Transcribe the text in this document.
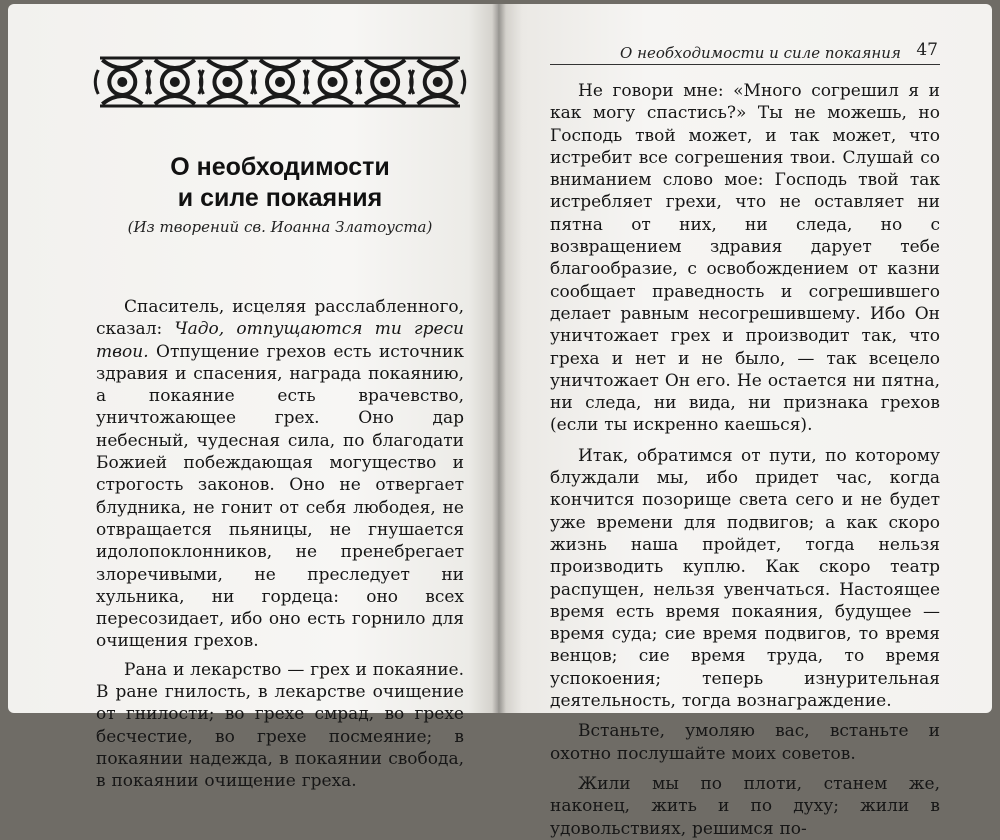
О необходимости
и силе покаяния
(Из творений св. Иоанна Златоуста)

Спаситель, исцеляя расслабленного, сказал: Чадо, отпущаются ти греси твои. Отпущение грехов есть источник здравия и спасения, награда покаянию, а покаяние есть врачевство, уничтожающее грех. Оно дар небесный, чудесная сила, по благодати Божией побеждающая могущество и строгость законов. Оно не отвергает блудника, не гонит от себя любодея, не отвращается пьяницы, не гнушается идолопоклонников, не пренебрегает злоречивыми, не преследует ни хульника, ни гордеца: оно всех пересозидает, ибо оно есть горнило для очищения грехов.

Рана и лекарство — грех и покаяние. В ране гнилость, в лекарстве очищение от гнилости; во грехе смрад, во грехе бесчестие, во грехе посмеяние; в покаянии надежда, в покаянии свобода, в покаянии очищение греха.

О необходимости и силе покаяния 47

Не говори мне: «Много согрешил я и как могу спастись?» Ты не можешь, но Господь твой может, и так может, что истребит все согрешения твои. Слушай со вниманием слово мое: Господь твой так истребляет грехи, что не оставляет ни пятна от них, ни следа, но с возвращением здравия дарует тебе благообразие, с освобождением от казни сообщает праведность и согрешившего делает равным несогрешившему. Ибо Он уничтожает грех и производит так, что греха и нет и не было, — так всецело уничтожает Он его. Не остается ни пятна, ни следа, ни вида, ни признака грехов (если ты искренно каешься).

Итак, обратимся от пути, по которому блуждали мы, ибо придет час, когда кончится позорище света сего и не будет уже времени для подвигов; а как скоро жизнь наша пройдет, тогда нельзя производить куплю. Как скоро театр распущен, нельзя увенчаться. Настоящее время есть время покаяния, будущее — время суда; сие время подвигов, то время венцов; сие время труда, то время успокоения; теперь изнурительная деятельность, тогда вознаграждение.

Встаньте, умоляю вас, встаньте и охотно послушайте моих советов.

Жили мы по плоти, станем же, наконец, жить и по духу; жили в удовольствиях, решимся по-
